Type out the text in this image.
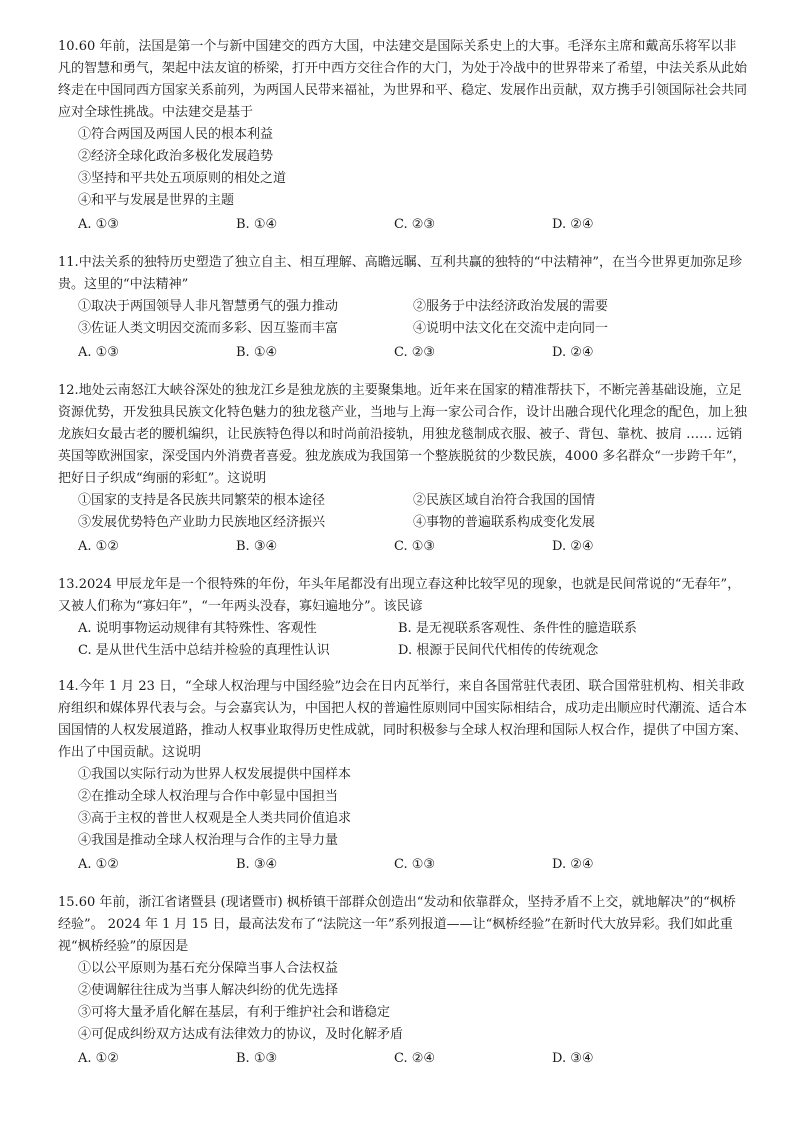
10.60 年前，法国是第一个与新中国建交的西方大国，中法建交是国际关系史上的大事。毛泽东主席和戴高乐将军以非凡的智慧和勇气，架起中法友谊的桥梁，打开中西方交往合作的大门，为处于冷战中的世界带来了希望，中法关系从此始终走在中国同西方国家关系前列，为两国人民带来福祉，为世界和平、稳定、发展作出贡献，双方携手引领国际社会共同应对全球性挑战。中法建交是基于

①符合两国及两国人民的根本利益
②经济全球化政治多极化发展趋势
③坚持和平共处五项原则的相处之道
④和平与发展是世界的主题
A. ①③	B. ①④	C. ②③	D. ②④

11.中法关系的独特历史塑造了独立自主、相互理解、高瞻远瞩、互利共赢的独特的“中法精神”，在当今世界更加弥足珍贵。这里的“中法精神”

①取决于两国领导人非凡智慧勇气的强力推动	②服务于中法经济政治发展的需要
③佐证人类文明因交流而多彩、因互鉴而丰富	④说明中法文化在交流中走向同一
A. ①③	B. ①④	C. ②③	D. ②④

12.地处云南怒江大峡谷深处的独龙江乡是独龙族的主要聚集地。近年来在国家的精准帮扶下，不断完善基础设施，立足资源优势，开发独具民族文化特色魅力的独龙毯产业，当地与上海一家公司合作，设计出融合现代化理念的配色，加上独龙族妇女最古老的腰机编织，让民族特色得以和时尚前沿接轨，用独龙毯制成衣服、被子、背包、靠枕、披肩 …… 远销英国等欧洲国家，深受国内外消费者喜爱。独龙族成为我国第一个整族脱贫的少数民族，4000 多名群众“一步跨千年”，把好日子织成“绚丽的彩虹”。这说明

①国家的支持是各民族共同繁荣的根本途径	②民族区域自治符合我国的国情
③发展优势特色产业助力民族地区经济振兴	④事物的普遍联系构成变化发展
A. ①②	B. ③④	C. ①③	D. ②④

13.2024 甲辰龙年是一个很特殊的年份，年头年尾都没有出现立春这种比较罕见的现象，也就是民间常说的“无春年”，又被人们称为“寡妇年”，“一年两头没春，寡妇遍地分”。该民谚

A. 说明事物运动规律有其特殊性、客观性	B. 是无视联系客观性、条件性的臆造联系
C. 是从世代生活中总结并检验的真理性认识	D. 根源于民间代代相传的传统观念

14.今年 1 月 23 日，“全球人权治理与中国经验”边会在日内瓦举行，来自各国常驻代表团、联合国常驻机构、相关非政府组织和媒体界代表与会。与会嘉宾认为，中国把人权的普遍性原则同中国实际相结合，成功走出顺应时代潮流、适合本国国情的人权发展道路，推动人权事业取得历史性成就，同时积极参与全球人权治理和国际人权合作，提供了中国方案、作出了中国贡献。这说明

①我国以实际行动为世界人权发展提供中国样本
②在推动全球人权治理与合作中彰显中国担当
③高于主权的普世人权观是全人类共同价值追求
④我国是推动全球人权治理与合作的主导力量
A. ①②	B. ③④	C. ①③	D. ②④

15.60 年前，浙江省诸暨县 (现诸暨市) 枫桥镇干部群众创造出“发动和依靠群众，坚持矛盾不上交，就地解决”的“枫桥经验”。 2024 年 1 月 15 日，最高法发布了“法院这一年”系列报道——让“枫桥经验”在新时代大放异彩。我们如此重视“枫桥经验”的原因是

①以公平原则为基石充分保障当事人合法权益
②使调解往往成为当事人解决纠纷的优先选择
③可将大量矛盾化解在基层，有利于维护社会和谐稳定
④可促成纠纷双方达成有法律效力的协议，及时化解矛盾
A. ①②	B. ①③	C. ②④	D. ③④
